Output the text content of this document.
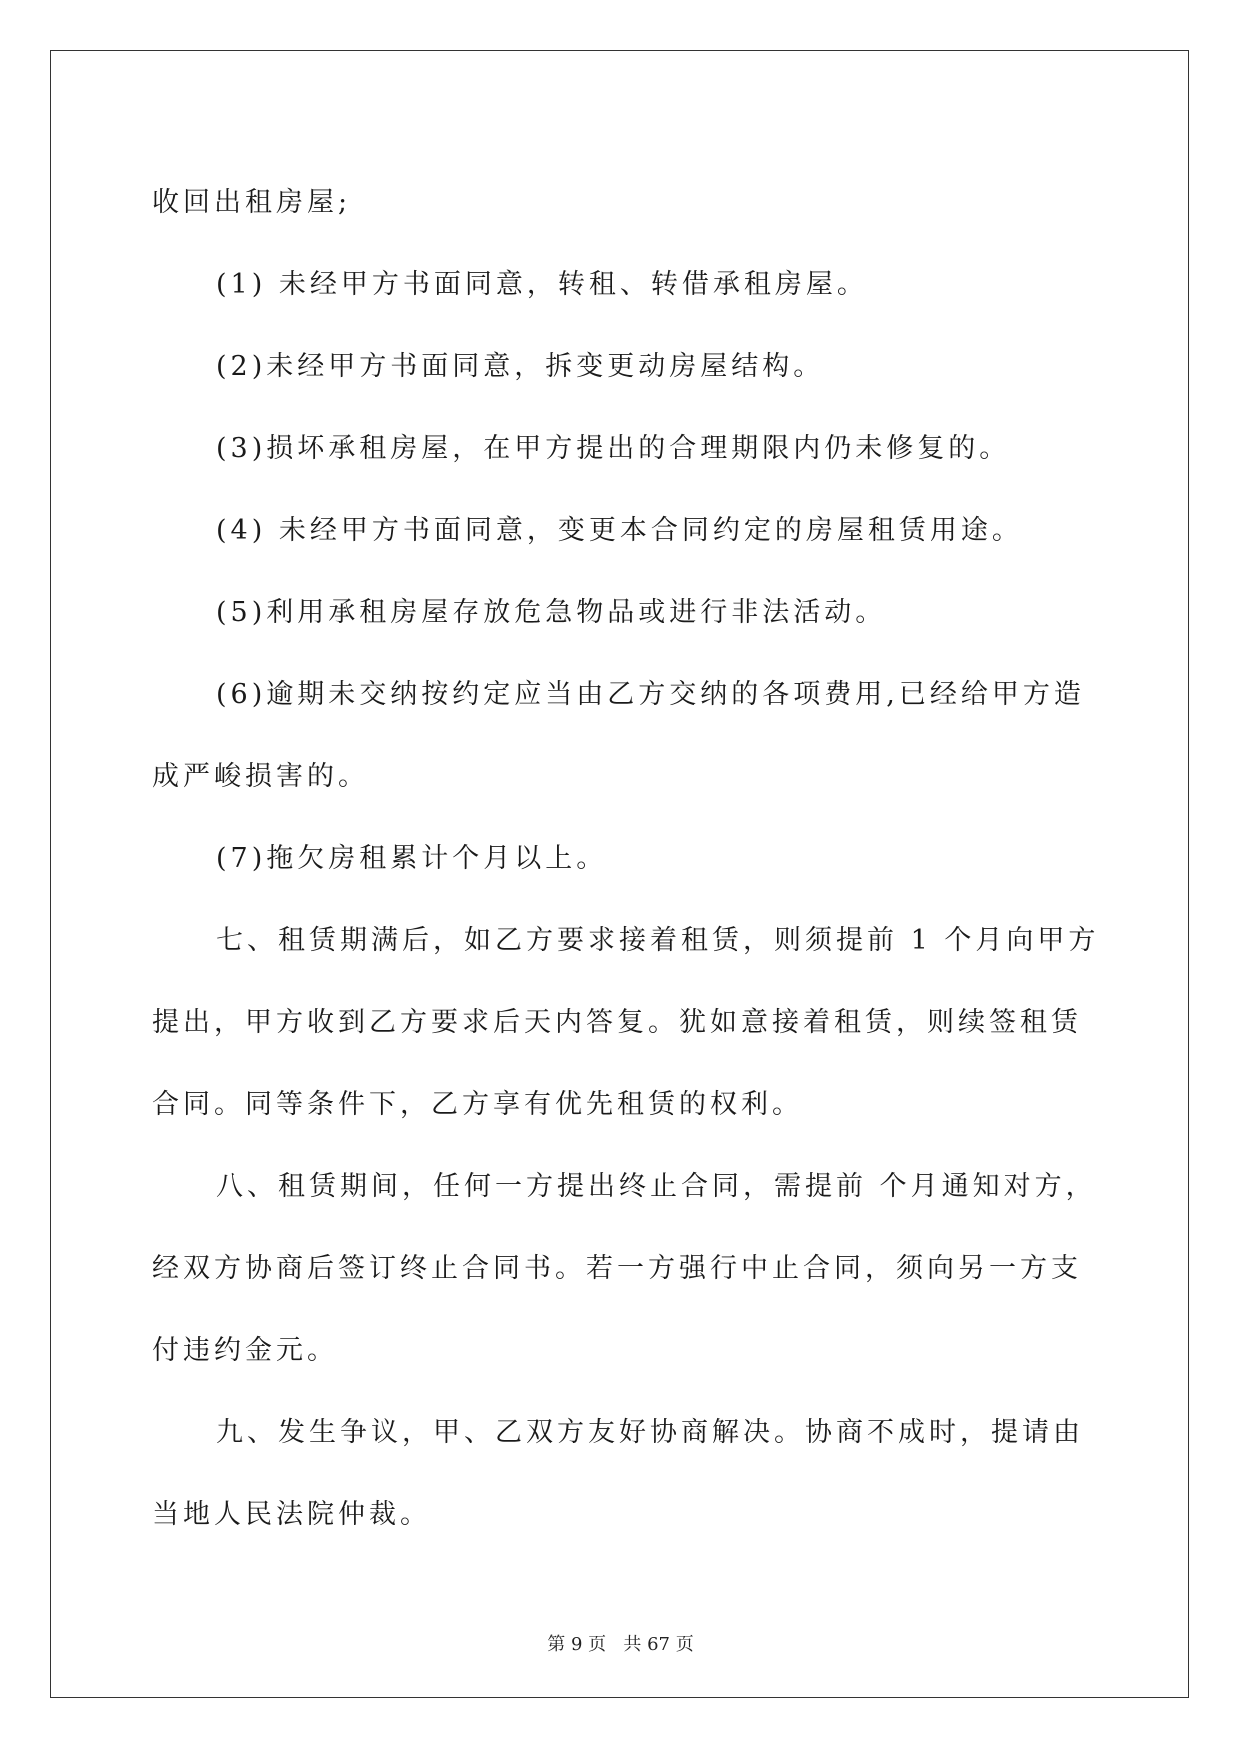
收回出租房屋;
(1) 未经甲方书面同意，转租、转借承租房屋。
(2)未经甲方书面同意，拆变更动房屋结构。
(3)损坏承租房屋，在甲方提出的合理期限内仍未修复的。
(4) 未经甲方书面同意，变更本合同约定的房屋租赁用途。
(5)利用承租房屋存放危急物品或进行非法活动。
(6)逾期未交纳按约定应当由乙方交纳的各项费用,已经给甲方造
成严峻损害的。
(7)拖欠房租累计个月以上。
七、租赁期满后，如乙方要求接着租赁，则须提前 1 个月向甲方
提出，甲方收到乙方要求后天内答复。犹如意接着租赁，则续签租赁
合同。同等条件下，乙方享有优先租赁的权利。
八、租赁期间，任何一方提出终止合同，需提前 个月通知对方，
经双方协商后签订终止合同书。若一方强行中止合同，须向另一方支
付违约金元。
九、发生争议，甲、乙双方友好协商解决。协商不成时，提请由
当地人民法院仲裁。
第 9 页   共 67 页
